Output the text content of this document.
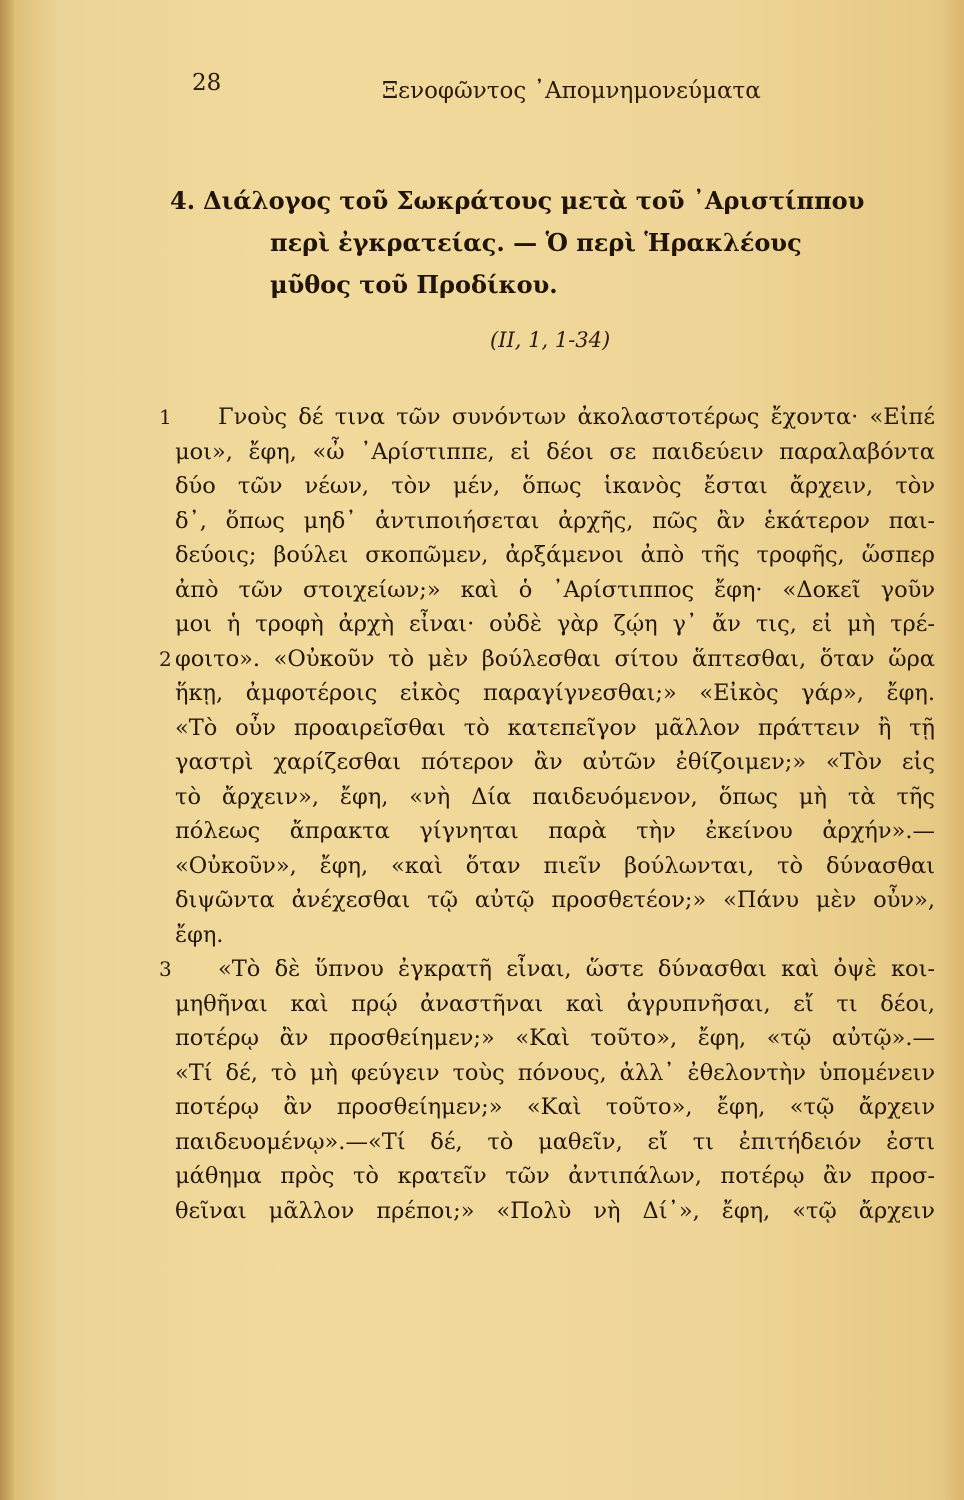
28	Ξενοφῶντος ᾿Απομνημονεύματα
4. Διάλογος τοῦ Σωκράτους μετὰ τοῦ ᾿Αριστίππου
περὶ ἐγκρατείας. — Ὁ περὶ Ἡρακλέους
μῦθος τοῦ Προδίκου.
(ΙΙ, 1, 1-34)
1 Γνοὺς δέ τινα τῶν συνόντων ἀκολαστοτέρως ἔχοντα· «Εἰπέ
μοι», ἔφη, «ὦ ᾿Αρίστιππε, εἰ δέοι σε παιδεύειν παραλαβόντα
δύο τῶν νέων, τὸν μέν, ὅπως ἱκανὸς ἔσται ἄρχειν, τὸν
δ᾿, ὅπως μηδ᾿ ἀντιποιήσεται ἀρχῆς, πῶς ἂν ἑκάτερον παι-
δεύοις; βούλει σκοπῶμεν, ἀρξάμενοι ἀπὸ τῆς τροφῆς, ὥσπερ
ἀπὸ τῶν στοιχείων;» καὶ ὁ ᾿Αρίστιππος ἔφη· «Δοκεῖ γοῦν
μοι ἡ τροφὴ ἀρχὴ εἶναι· οὐδὲ γὰρ ζῴη γ᾿ ἄν τις, εἰ μὴ τρέ-
2 φοιτο». «Οὐκοῦν τὸ μὲν βούλεσθαι σίτου ἅπτεσθαι, ὅταν ὥρα
ἥκῃ, ἀμφοτέροις εἰκὸς παραγίγνεσθαι;» «Εἰκὸς γάρ», ἔφη.
«Τὸ οὖν προαιρεῖσθαι τὸ κατεπεῖγον μᾶλλον πράττειν ἢ τῇ
γαστρὶ χαρίζεσθαι πότερον ἂν αὐτῶν ἐθίζοιμεν;» «Τὸν εἰς
τὸ ἄρχειν», ἔφη, «νὴ Δία παιδευόμενον, ὅπως μὴ τὰ τῆς
πόλεως ἄπρακτα γίγνηται παρὰ τὴν ἐκείνου ἀρχήν».—
«Οὐκοῦν», ἔφη, «καὶ ὅταν πιεῖν βούλωνται, τὸ δύνασθαι
διψῶντα ἀνέχεσθαι τῷ αὐτῷ προσθετέον;» «Πάνυ μὲν οὖν»,
ἔφη.
3 «Τὸ δὲ ὕπνου ἐγκρατῆ εἶναι, ὥστε δύνασθαι καὶ ὀψὲ κοι-
μηθῆναι καὶ πρῴ ἀναστῆναι καὶ ἀγρυπνῆσαι, εἴ τι δέοι,
ποτέρῳ ἂν προσθείημεν;» «Καὶ τοῦτο», ἔφη, «τῷ αὐτῷ».—
«Τί δέ, τὸ μὴ φεύγειν τοὺς πόνους, ἀλλ᾿ ἐθελοντὴν ὑπομένειν
ποτέρῳ ἂν προσθείημεν;» «Καὶ τοῦτο», ἔφη, «τῷ ἄρχειν
παιδευομένῳ».—«Τί δέ, τὸ μαθεῖν, εἴ τι ἐπιτήδειόν ἐστι
μάθημα πρὸς τὸ κρατεῖν τῶν ἀντιπάλων, ποτέρῳ ἂν προσ-
θεῖναι μᾶλλον πρέποι;» «Πολὺ νὴ Δί᾿», ἔφη, «τῷ ἄρχειν
